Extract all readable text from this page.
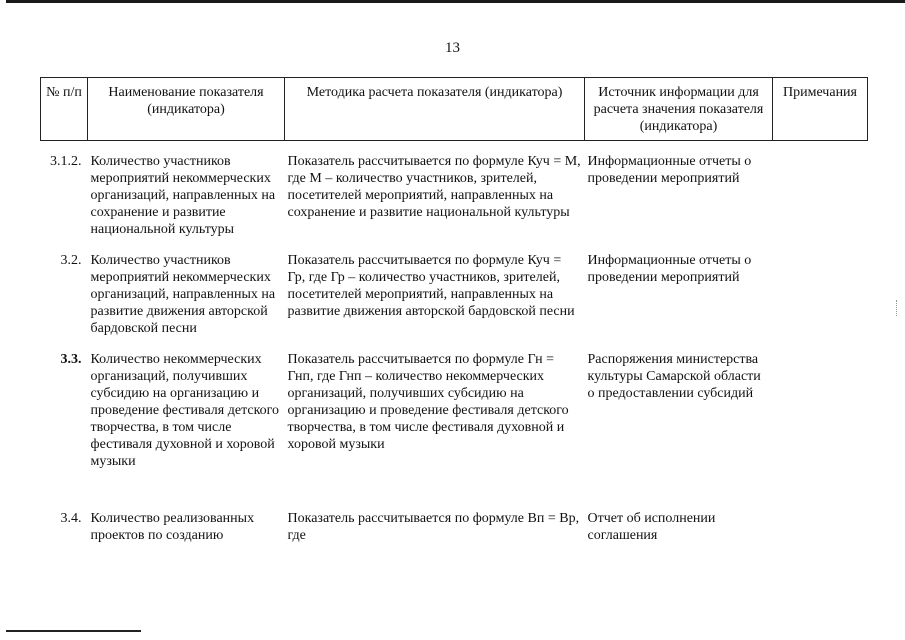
13
№ п/п	Наименование показателя (индикатора)	Методика расчета показателя (индикатора)	Источник информации для расчета значения показателя (индикатора)	Примечания

3.1.2.	Количество участников мероприятий некоммерческих организаций, направленных на сохранение и развитие национальной культуры	Показатель рассчитывается по формуле Куч = М, где М – количество участников, зрителей, посетителей мероприятий, направленных на сохранение и развитие национальной культуры	Информационные отчеты о проведении мероприятий	
3.2.	Количество участников мероприятий некоммерческих организаций, направленных на развитие движения авторской бардовской песни	Показатель рассчитывается по формуле Куч = Гр, где Гр – количество участников, зрителей, посетителей мероприятий, направленных на развитие движения авторской бардовской песни	Информационные отчеты о проведении мероприятий	
3.3.	Количество некоммерческих организаций, получивших субсидию на организацию и проведение фестиваля детского творчества, в том числе фестиваля духовной и хоровой музыки	Показатель рассчитывается по формуле Гн = Гнп, где Гнп – количество некоммерческих организаций, получивших субсидию на организацию и проведение фестиваля детского творчества, в том числе фестиваля духовной и хоровой музыки	Распоряжения министерства культуры Самарской области о предоставлении субсидий	
3.4.	Количество реализованных проектов по созданию	Показатель рассчитывается по формуле Вп = Вр, где	Отчет об исполнении соглашения	
